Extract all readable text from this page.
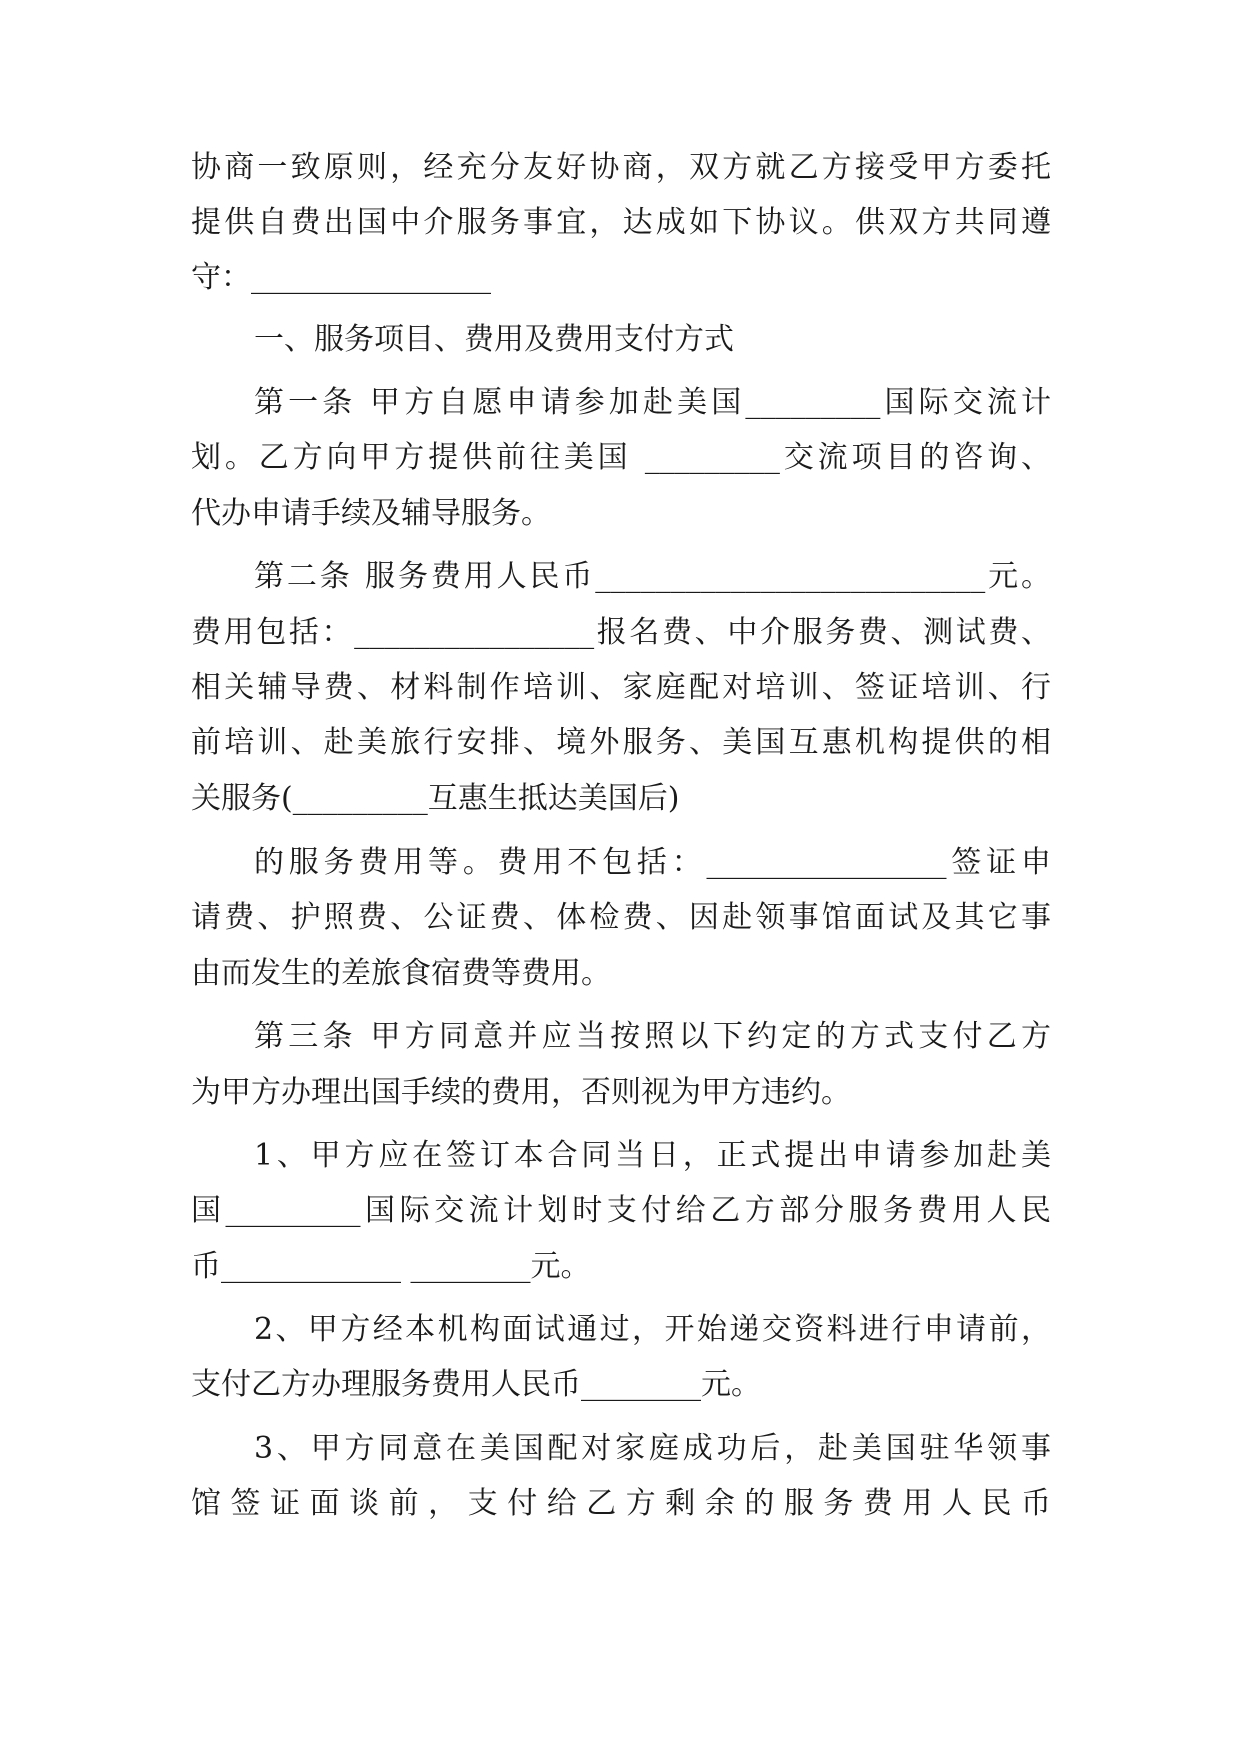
协商一致原则，经充分友好协商，双方就乙方接受甲方委托
提供自费出国中介服务事宜，达成如下协议。供双方共同遵
守：________________
一、服务项目、费用及费用支付方式
第一条 甲方自愿申请参加赴美国_________国际交流计
划。乙方向甲方提供前往美国 _________交流项目的咨询、
代办申请手续及辅导服务。
第二条 服务费用人民币__________________________元。
费用包括：________________报名费、中介服务费、测试费、
相关辅导费、材料制作培训、家庭配对培训、签证培训、行
前培训、赴美旅行安排、境外服务、美国互惠机构提供的相
关服务(_________互惠生抵达美国后)
的服务费用等。费用不包括：________________签证申
请费、护照费、公证费、体检费、因赴领事馆面试及其它事
由而发生的差旅食宿费等费用。
第三条 甲方同意并应当按照以下约定的方式支付乙方
为甲方办理出国手续的费用，否则视为甲方违约。
1、甲方应在签订本合同当日，正式提出申请参加赴美
国_________国际交流计划时支付给乙方部分服务费用人民
币____________ ________元。
2、甲方经本机构面试通过，开始递交资料进行申请前，
支付乙方办理服务费用人民币________元。
3、甲方同意在美国配对家庭成功后，赴美国驻华领事
馆签证面谈前，支付给乙方剩余的服务费用人民币
